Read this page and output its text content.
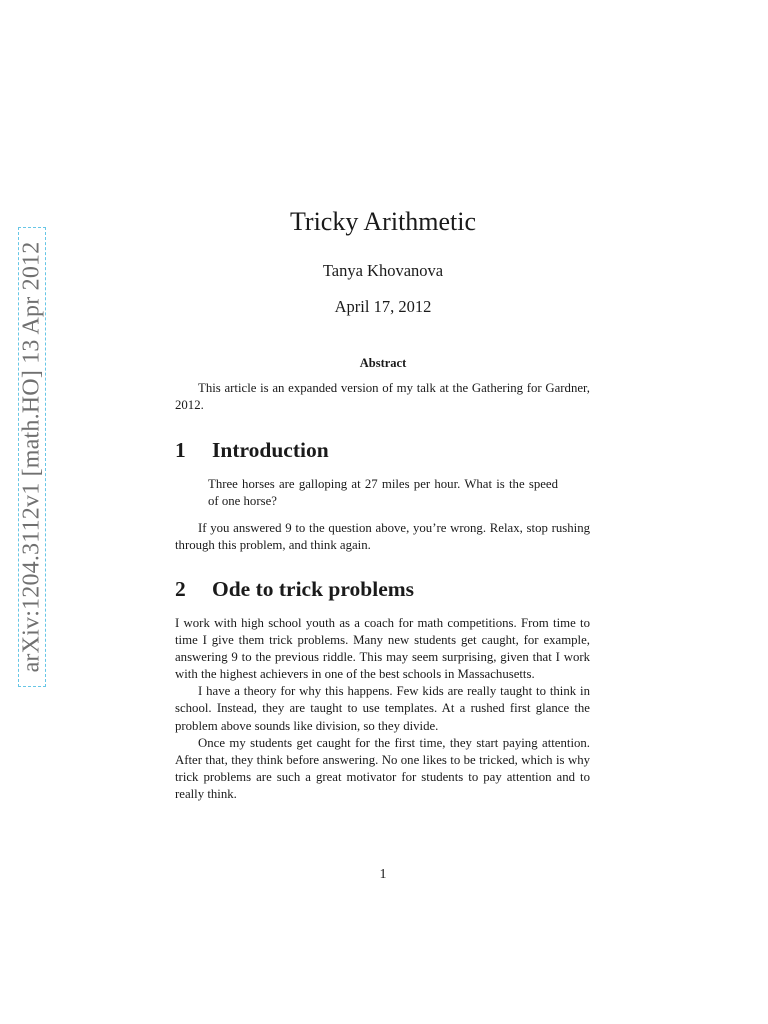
arXiv:1204.3112v1 [math.HO] 13 Apr 2012
Tricky Arithmetic
Tanya Khovanova
April 17, 2012
Abstract

This article is an expanded version of my talk at the Gathering for Gardner, 2012.

1 Introduction
Three horses are galloping at 27 miles per hour. What is the speed of one horse?

If you answered 9 to the question above, you’re wrong. Relax, stop rushing through this problem, and think again.

2 Ode to trick problems

I work with high school youth as a coach for math competitions. From time to time I give them trick problems. Many new students get caught, for example, answering 9 to the previous riddle. This may seem surprising, given that I work with the highest achievers in one of the best schools in Massachusetts.

I have a theory for why this happens. Few kids are really taught to think in school. Instead, they are taught to use templates. At a rushed first glance the problem above sounds like division, so they divide.

Once my students get caught for the first time, they start paying attention. After that, they think before answering. No one likes to be tricked, which is why trick problems are such a great motivator for students to pay attention and to really think.

1
